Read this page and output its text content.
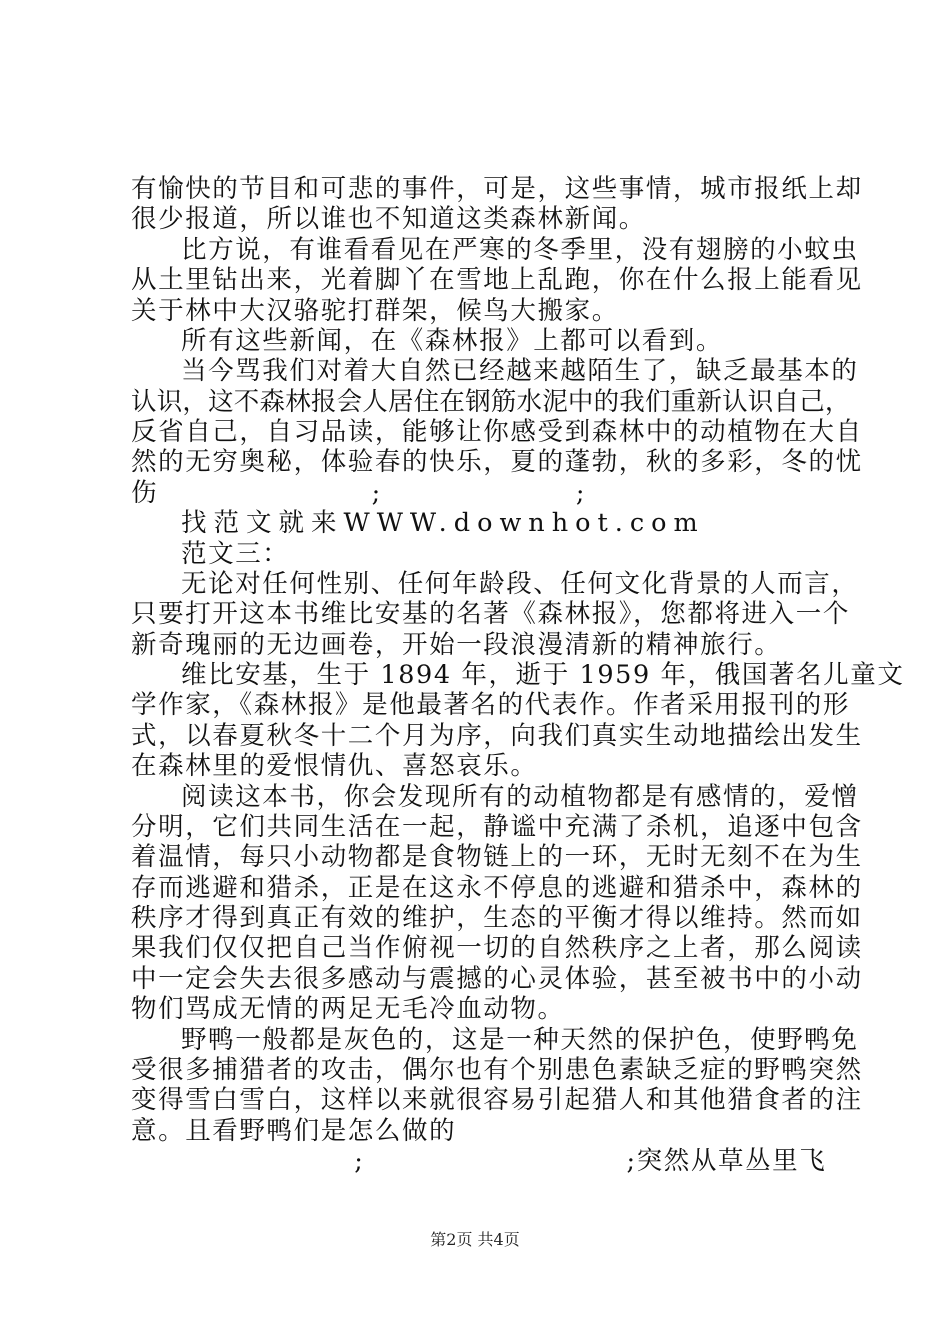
有愉快的节目和可悲的事件，可是，这些事情，城市报纸上却
很少报道，所以谁也不知道这类森林新闻。
比方说，有谁看看见在严寒的冬季里，没有翅膀的小蚊虫
从土里钻出来，光着脚丫在雪地上乱跑，你在什么报上能看见
关于林中大汉骆驼打群架，候鸟大搬家。
所有这些新闻，在《森林报》上都可以看到。
当今骂我们对着大自然已经越来越陌生了，缺乏最基本的
认识，这不森林报会人居住在钢筋水泥中的我们重新认识自己，
反省自己，自习品读，能够让你感受到森林中的动植物在大自
然的无穷奥秘，体验春的快乐，夏的蓬勃，秋的多彩，冬的忧
伤                      ;                    ;
找范文就来WWW.downhot.com
范文三：
无论对任何性别、任何年龄段、任何文化背景的人而言，
只要打开这本书维比安基的名著《森林报》，您都将进入一个
新奇瑰丽的无边画卷，开始一段浪漫清新的精神旅行。
维比安基，生于 1894 年，逝于 1959 年，俄国著名儿童文
学作家，《森林报》是他最著名的代表作。作者采用报刊的形
式，以春夏秋冬十二个月为序，向我们真实生动地描绘出发生
在森林里的爱恨情仇、喜怒哀乐。
阅读这本书，你会发现所有的动植物都是有感情的，爱憎
分明，它们共同生活在一起，静谧中充满了杀机，追逐中包含
着温情，每只小动物都是食物链上的一环，无时无刻不在为生
存而逃避和猎杀，正是在这永不停息的逃避和猎杀中，森林的
秩序才得到真正有效的维护，生态的平衡才得以维持。然而如
果我们仅仅把自己当作俯视一切的自然秩序之上者，那么阅读
中一定会失去很多感动与震撼的心灵体验，甚至被书中的小动
物们骂成无情的两足无毛冷血动物。
野鸭一般都是灰色的，这是一种天然的保护色，使野鸭免
受很多捕猎者的攻击，偶尔也有个别患色素缺乏症的野鸭突然
变得雪白雪白，这样以来就很容易引起猎人和其他猎食者的注
意。且看野鸭们是怎么做的
;                           ;突然从草丛里飞
第2页 共4页
